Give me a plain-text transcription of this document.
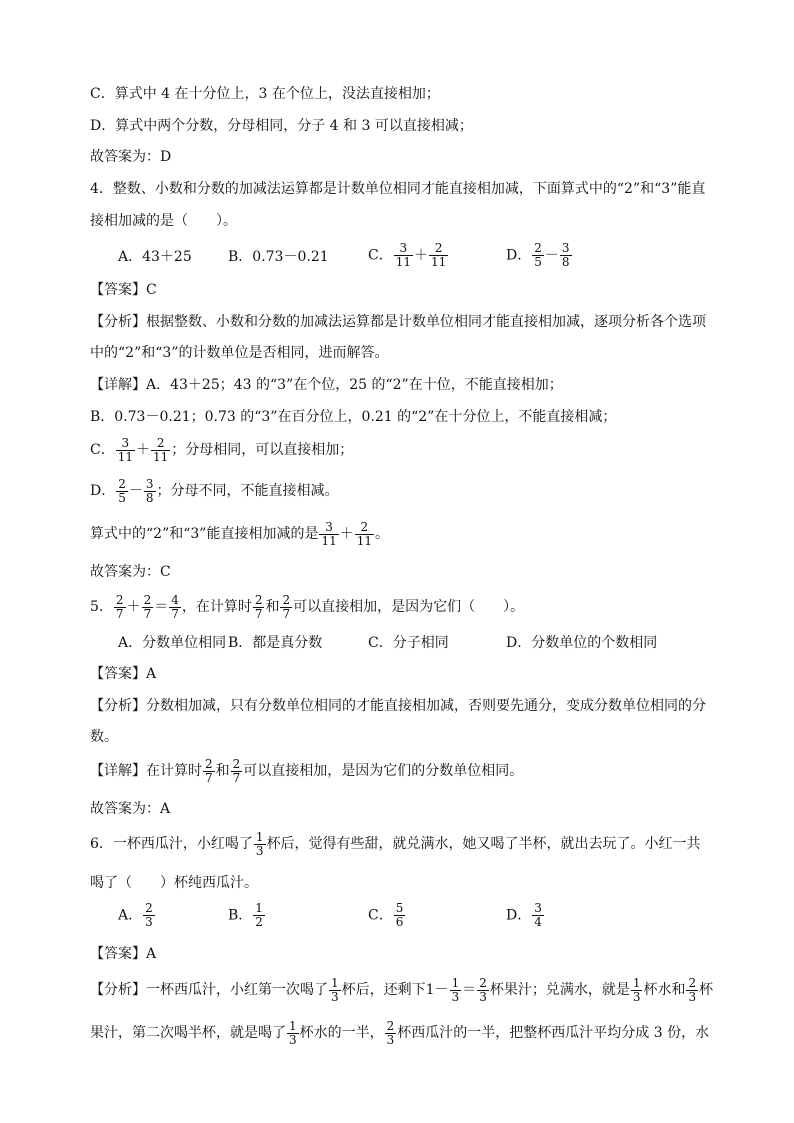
C．算式中 4 在十分位上，3 在个位上，没法直接相加；
D．算式中两个分数，分母相同，分子 4 和 3 可以直接相减；
故答案为：D
4．整数、小数和分数的加减法运算都是计数单位相同才能直接相加减，下面算式中的“2”和“3”能直
接相加减的是（　　）。
A．43＋25	B．0.73－0.21	C． $\frac{3}{11} + \frac{2}{11}$	D． $\frac{2}{5} - \frac{3}{8}$
【答案】C
【分析】根据整数、小数和分数的加减法运算都是计数单位相同才能直接相加减，逐项分析各个选项
中的“2”和“3”的计数单位是否相同，进而解答。
【详解】A．43＋25；43 的“3”在个位，25 的“2”在十位，不能直接相加；
B．0.73－0.21；0.73 的“3”在百分位上，0.21 的“2”在十分位上，不能直接相减；
C． $\frac{3}{11} + \frac{2}{11}$ ；分母相同，可以直接相加；
D． $\frac{2}{5} - \frac{3}{8}$ ；分母不同，不能直接相减。
算式中的“2”和“3”能直接相加减的是 $\frac{3}{11} + \frac{2}{11}$ 。
故答案为：C
5． $\frac{2}{7} + \frac{2}{7} = \frac{4}{7}$ ，在计算时 $\frac{2}{7}$ 和 $\frac{2}{7}$ 可以直接相加，是因为它们（　　）。
A．分数单位相同 B．都是真分数	C．分子相同	D．分数单位的个数相同
【答案】A
【分析】分数相加减，只有分数单位相同的才能直接相加减，否则要先通分，变成分数单位相同的分
数。
【详解】在计算时 $\frac{2}{7}$ 和 $\frac{2}{7}$ 可以直接相加，是因为它们的分数单位相同。
故答案为：A
6．一杯西瓜汁，小红喝了 $\frac{1}{3}$ 杯后，觉得有些甜，就兑满水，她又喝了半杯，就出去玩了。小红一共
喝了（　　）杯纯西瓜汁。
A． $\frac{2}{3}$	B． $\frac{1}{2}$	C． $\frac{5}{6}$	D． $\frac{3}{4}$
【答案】A
【分析】一杯西瓜汁，小红第一次喝了 $\frac{1}{3}$ 杯后，还剩下$1- \frac{1}{3} = \frac{2}{3}$ 杯果汁；兑满水，就是 $\frac{1}{3}$ 杯水和 $\frac{2}{3}$ 杯
果汁，第二次喝半杯，就是喝了 $\frac{1}{3}$ 杯水的一半， $\frac{2}{3}$ 杯西瓜汁的一半，把整杯西瓜汁平均分成 3 份，水
